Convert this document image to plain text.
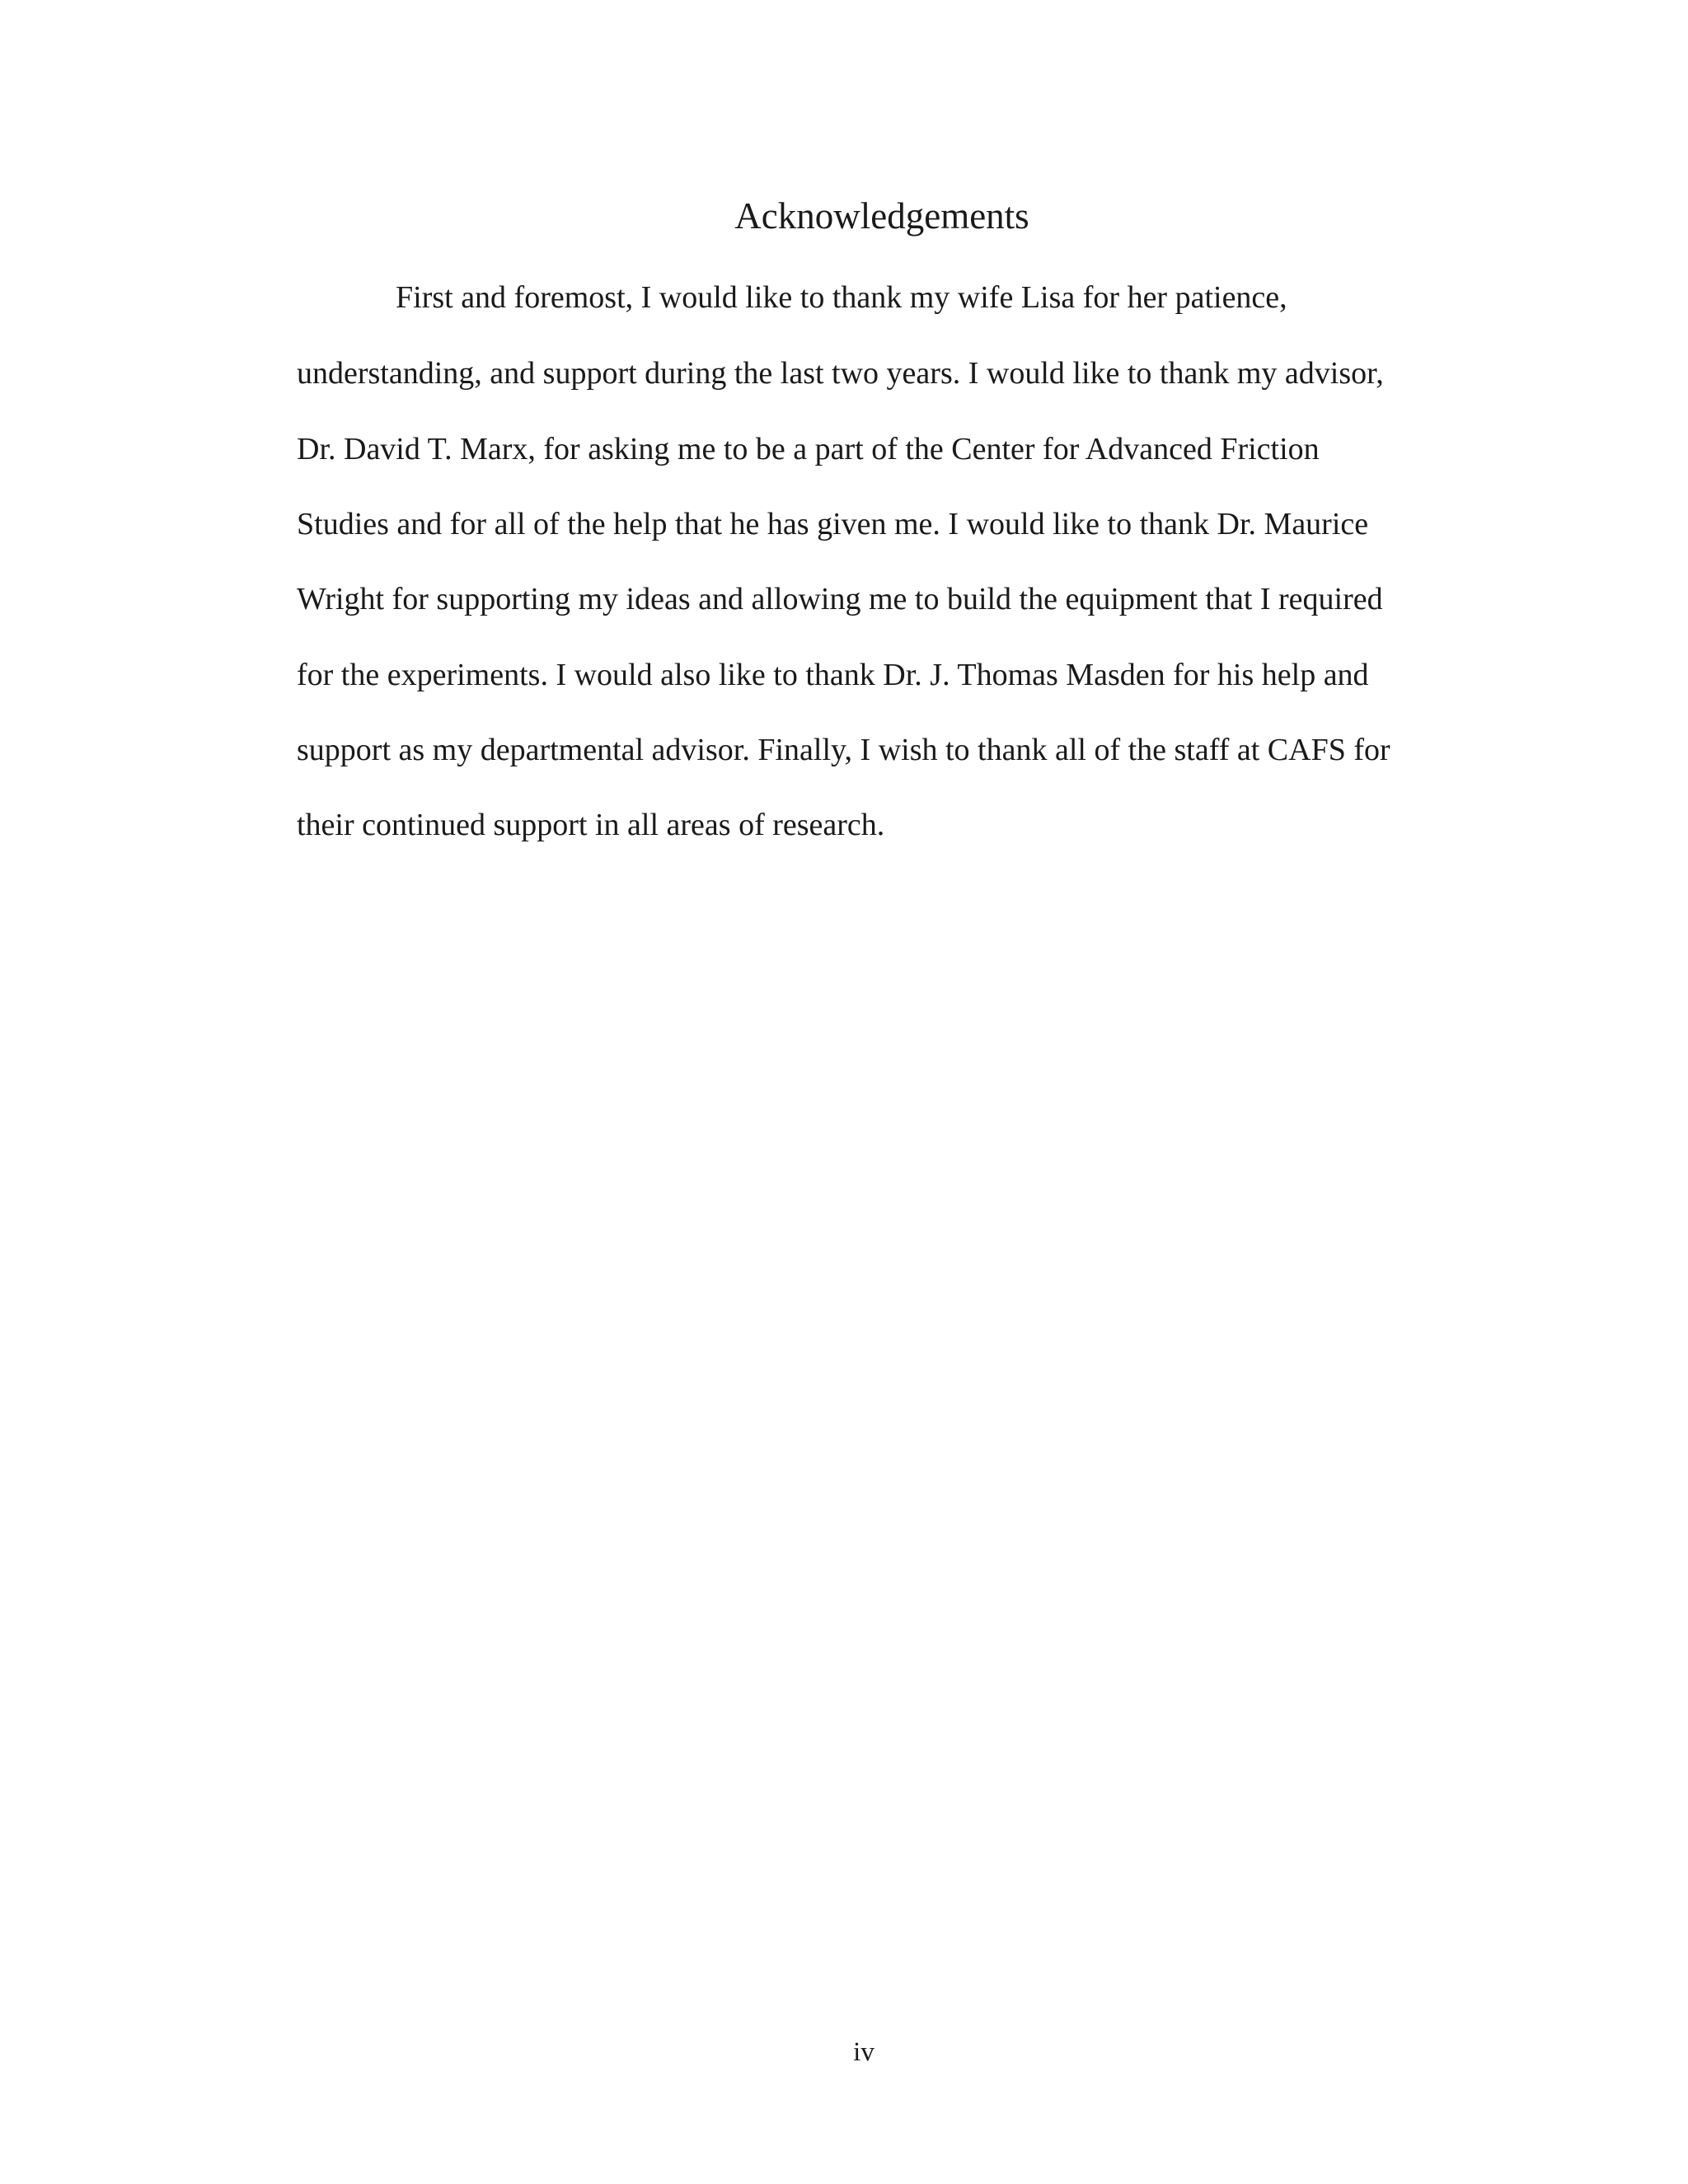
Acknowledgements

First and foremost, I would like to thank my wife Lisa for her patience,

understanding, and support during the last two years. I would like to thank my advisor,

Dr. David T. Marx, for asking me to be a part of the Center for Advanced Friction

Studies and for all of the help that he has given me. I would like to thank Dr. Maurice

Wright for supporting my ideas and allowing me to build the equipment that I required

for the experiments. I would also like to thank Dr. J. Thomas Masden for his help and

support as my departmental advisor. Finally, I wish to thank all of the staff at CAFS for

their continued support in all areas of research.

iv
